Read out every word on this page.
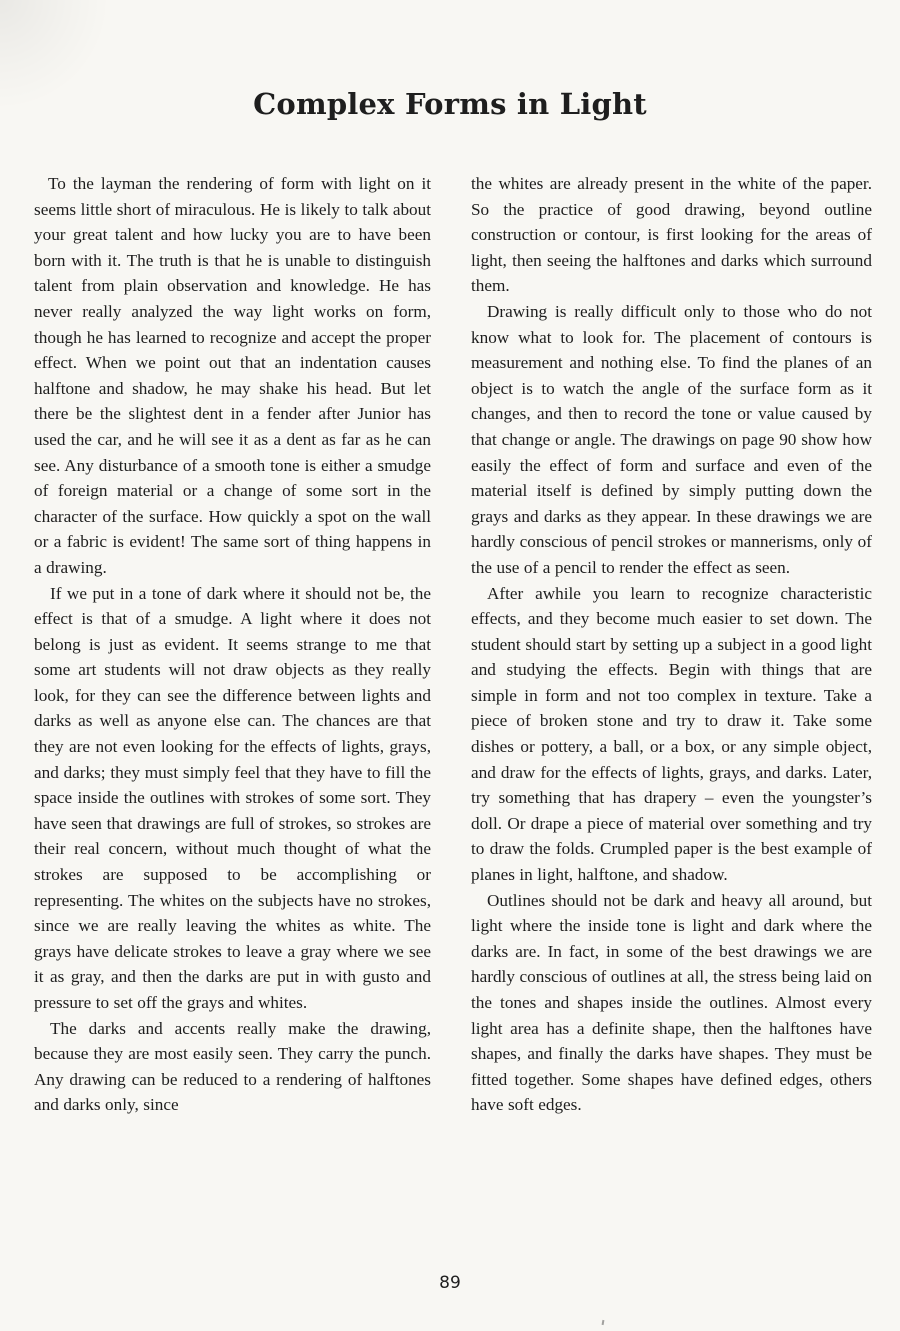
Complex Forms in Light

To the layman the rendering of form with light on it seems little short of miraculous. He is likely to talk about your great talent and how lucky you are to have been born with it. The truth is that he is unable to distinguish talent from plain observation and knowledge. He has never really analyzed the way light works on form, though he has learned to recognize and accept the proper effect. When we point out that an indentation causes halftone and shadow, he may shake his head. But let there be the slightest dent in a fender after Junior has used the car, and he will see it as a dent as far as he can see. Any disturbance of a smooth tone is either a smudge of foreign material or a change of some sort in the character of the surface. How quickly a spot on the wall or a fabric is evident! The same sort of thing happens in a drawing.

If we put in a tone of dark where it should not be, the effect is that of a smudge. A light where it does not belong is just as evident. It seems strange to me that some art students will not draw objects as they really look, for they can see the difference between lights and darks as well as anyone else can. The chances are that they are not even looking for the effects of lights, grays, and darks; they must simply feel that they have to fill the space inside the outlines with strokes of some sort. They have seen that drawings are full of strokes, so strokes are their real concern, without much thought of what the strokes are supposed to be accomplishing or representing. The whites on the subjects have no strokes, since we are really leaving the whites as white. The grays have delicate strokes to leave a gray where we see it as gray, and then the darks are put in with gusto and pressure to set off the grays and whites.

The darks and accents really make the drawing, because they are most easily seen. They carry the punch. Any drawing can be reduced to a rendering of halftones and darks only, since

the whites are already present in the white of the paper. So the practice of good drawing, beyond outline construction or contour, is first looking for the areas of light, then seeing the halftones and darks which surround them.

Drawing is really difficult only to those who do not know what to look for. The placement of contours is measurement and nothing else. To find the planes of an object is to watch the angle of the surface form as it changes, and then to record the tone or value caused by that change or angle. The drawings on page 90 show how easily the effect of form and surface and even of the material itself is defined by simply putting down the grays and darks as they appear. In these drawings we are hardly conscious of pencil strokes or mannerisms, only of the use of a pencil to render the effect as seen.

After awhile you learn to recognize characteristic effects, and they become much easier to set down. The student should start by setting up a subject in a good light and studying the effects. Begin with things that are simple in form and not too complex in texture. Take a piece of broken stone and try to draw it. Take some dishes or pottery, a ball, or a box, or any simple object, and draw for the effects of lights, grays, and darks. Later, try something that has drapery – even the youngster’s doll. Or drape a piece of material over something and try to draw the folds. Crumpled paper is the best example of planes in light, halftone, and shadow.

Outlines should not be dark and heavy all around, but light where the inside tone is light and dark where the darks are. In fact, in some of the best drawings we are hardly conscious of outlines at all, the stress being laid on the tones and shapes inside the outlines. Almost every light area has a definite shape, then the halftones have shapes, and finally the darks have shapes. They must be fitted together. Some shapes have defined edges, others have soft edges.

89
